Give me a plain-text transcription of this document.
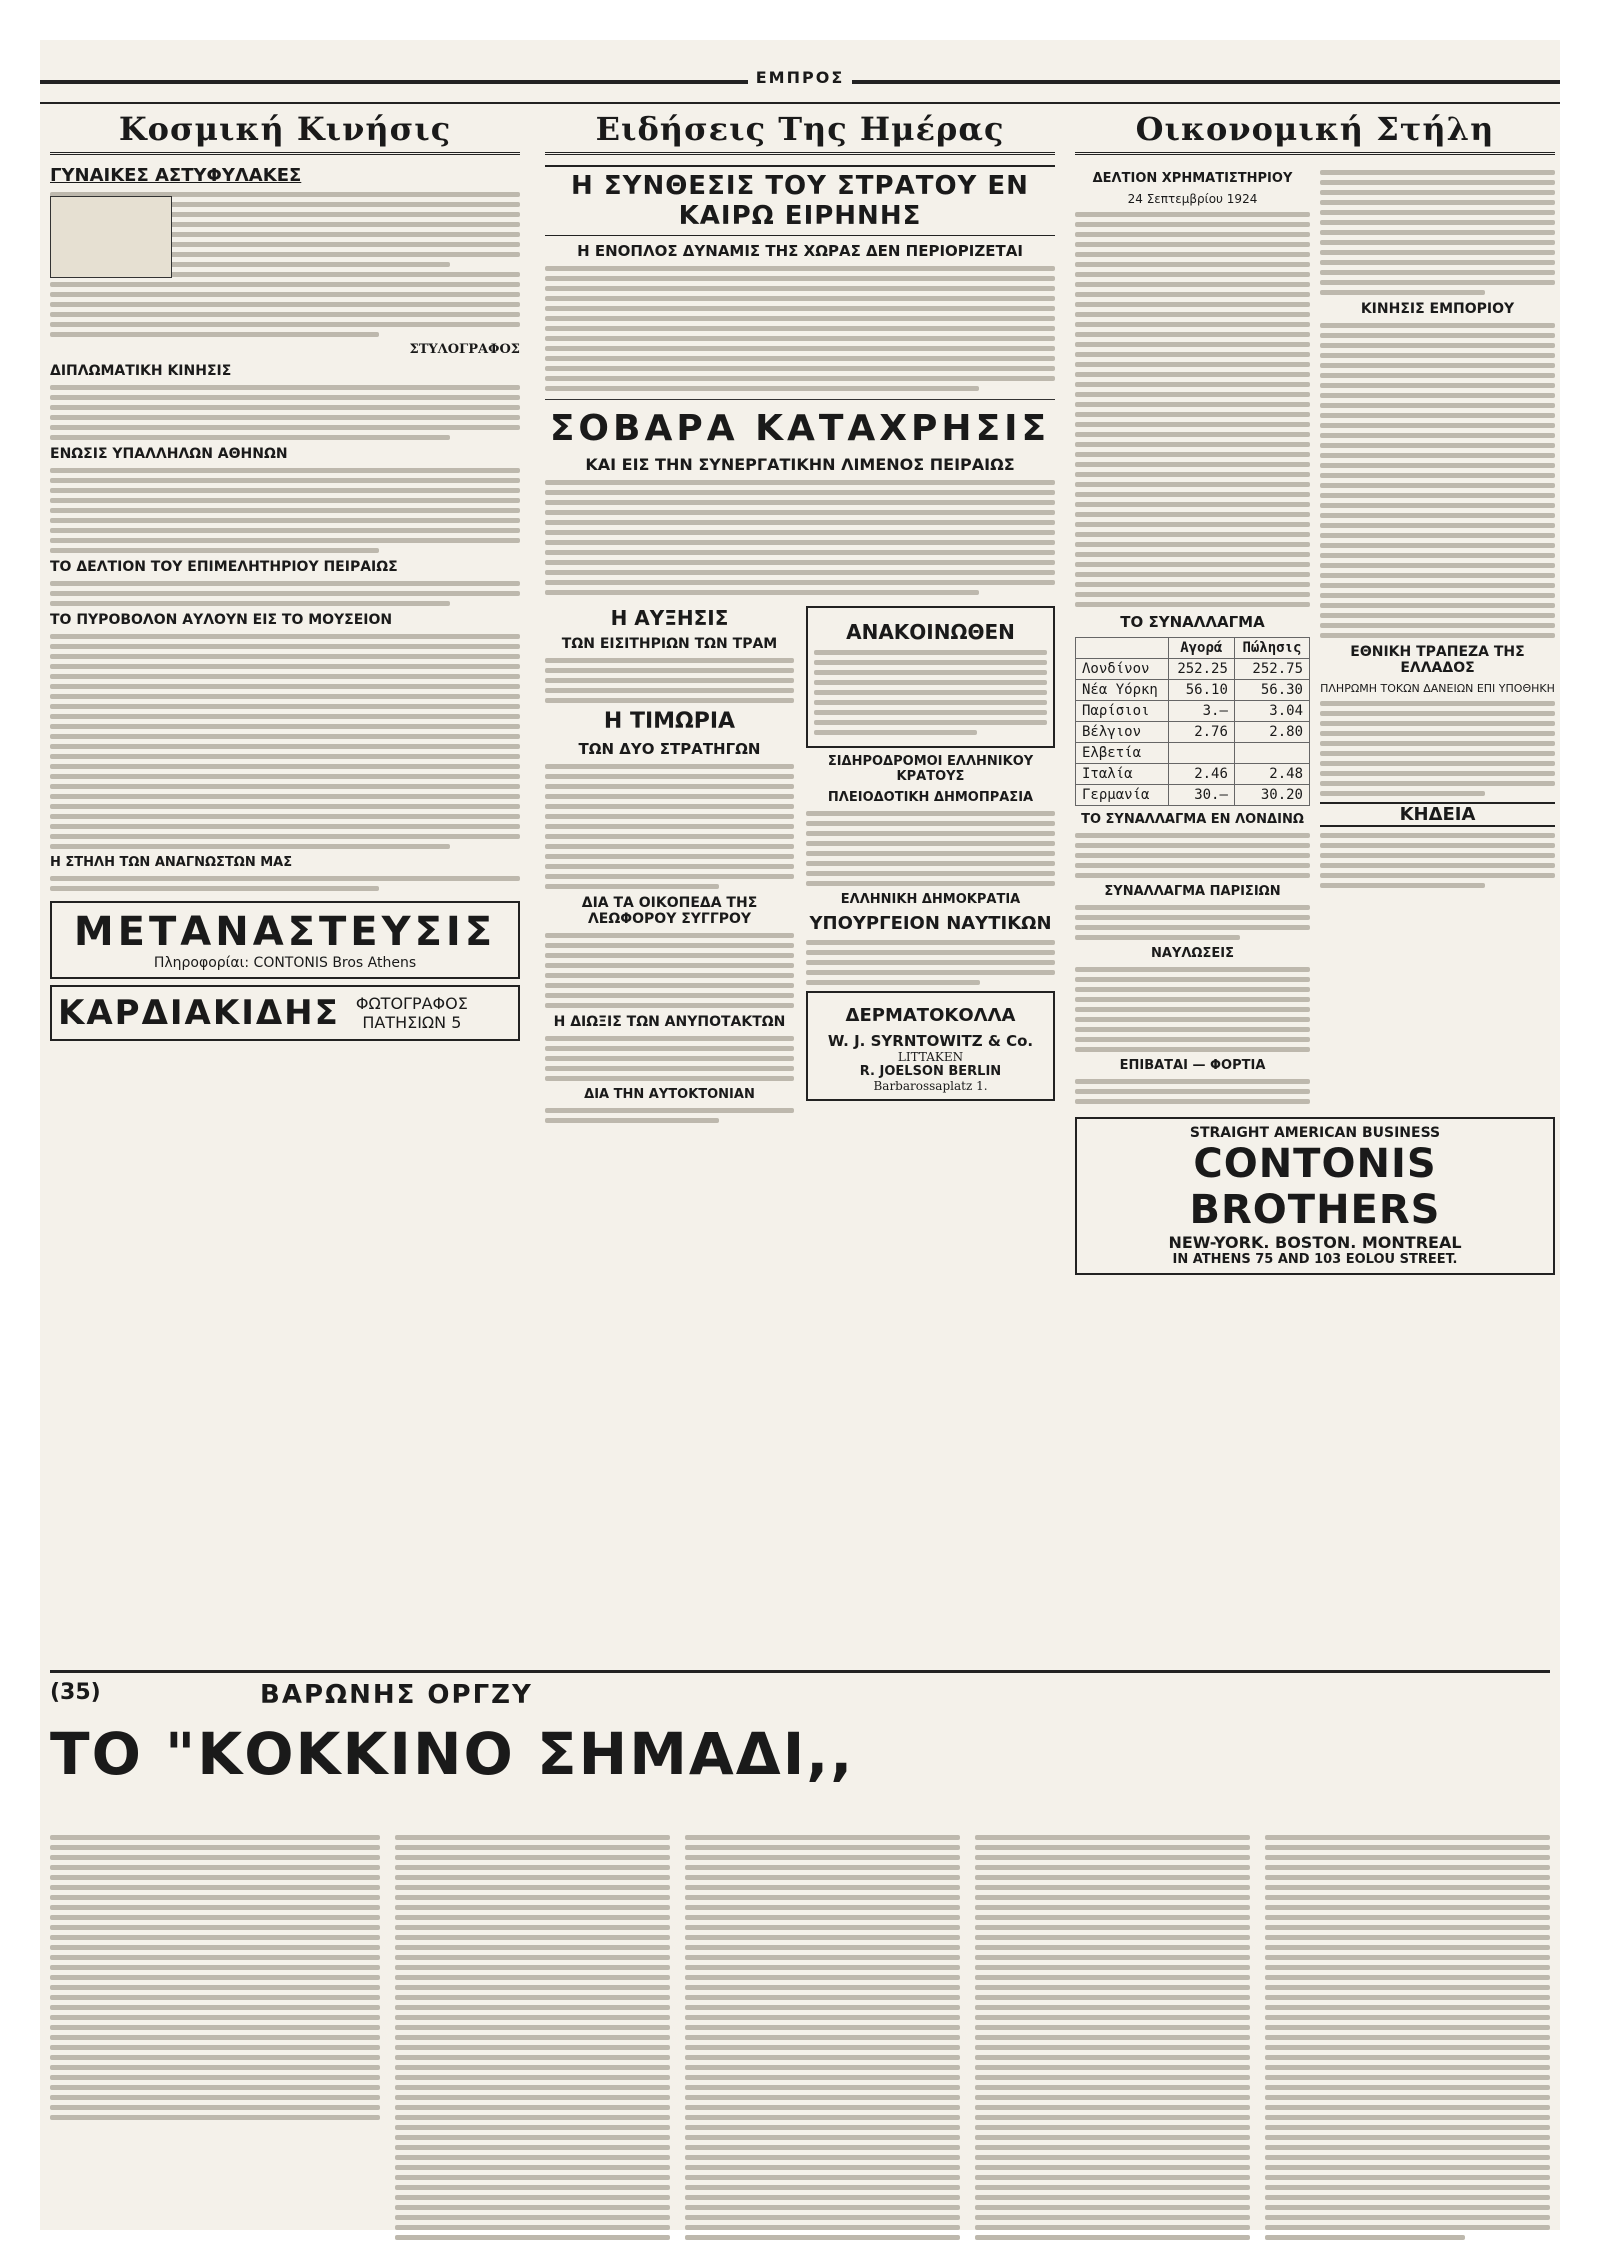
ΕΜΠΡΟΣ
Κοσμική Κινήσις
ΓΥΝΑΙΚΕΣ ΑΣΤΥΦΥΛΑΚΕΣ
ΣΤΥΛΟΓΡΑΦΟΣ
ΔΙΠΛΩΜΑΤΙΚΗ ΚΙΝΗΣΙΣ
ΕΝΩΣΙΣ ΥΠΑΛΛΗΛΩΝ ΑΘΗΝΩΝ
ΤΟ ΔΕΛΤΙΟΝ ΤΟΥ ΕΠΙΜΕΛΗΤΗΡΙΟΥ ΠΕΙΡΑΙΩΣ
ΤΟ ΠΥΡΟΒΟΛΟΝ ΑΥΛΟΥΝ ΕΙΣ ΤΟ ΜΟΥΣΕΙΟΝ
Η ΣΤΗΛΗ ΤΩΝ ΑΝΑΓΝΩΣΤΩΝ ΜΑΣ
ΜΕΤΑΝΑΣΤΕΥΣΙΣ
Πληροφορίαι: CONTONIS Bros Athens
ΚΑΡΔΙΑΚΙΔΗΣ ΦΩΤΟΓΡΑΦΟΣ
ΠΑΤΗΣΙΩΝ 5
Ειδήσεις Της Ημέρας
Η ΣΥΝΘΕΣΙΣ ΤΟΥ ΣΤΡΑΤΟΥ ΕΝ ΚΑΙΡΩ ΕΙΡΗΝΗΣ
Η ΕΝΟΠΛΟΣ ΔΥΝΑΜΙΣ ΤΗΣ ΧΩΡΑΣ ΔΕΝ ΠΕΡΙΟΡΙΖΕΤΑΙ
ΣΟΒΑΡΑ ΚΑΤΑΧΡΗΣΙΣ
ΚΑΙ ΕΙΣ ΤΗΝ ΣΥΝΕΡΓΑΤΙΚΗΝ ΛΙΜΕΝΟΣ ΠΕΙΡΑΙΩΣ
Η ΑΥΞΗΣΙΣ
ΤΩΝ ΕΙΣΙΤΗΡΙΩΝ ΤΩΝ ΤΡΑΜ
Η ΤΙΜΩΡΙΑ
ΤΩΝ ΔΥΟ ΣΤΡΑΤΗΓΩΝ
ΔΙΑ ΤΑ ΟΙΚΟΠΕΔΑ ΤΗΣ ΛΕΩΦΟΡΟΥ ΣΥΓΓΡΟΥ
Η ΔΙΩΞΙΣ ΤΩΝ ΑΝΥΠΟΤΑΚΤΩΝ
ΔΙΑ ΤΗΝ ΑΥΤΟΚΤΟΝΙΑΝ
ΑΝΑΚΟΙΝΩΘΕΝ
ΣΙΔΗΡΟΔΡΟΜΟΙ ΕΛΛΗΝΙΚΟΥ ΚΡΑΤΟΥΣ
ΠΛΕΙΟΔΟΤΙΚΗ ΔΗΜΟΠΡΑΣΙΑ
ΕΛΛΗΝΙΚΗ ΔΗΜΟΚΡΑΤΙΑ
ΥΠΟΥΡΓΕΙΟΝ ΝΑΥΤΙΚΩΝ
ΔΕΡΜΑΤΟΚΟΛΛΑ
W. J. SYRNTOWITZ & Co.
LITTAKEN
R. JOELSON BERLIN
Barbarossaplatz 1.
Οικονομική Στήλη
ΔΕΛΤΙΟΝ ΧΡΗΜΑΤΙΣΤΗΡΙΟΥ
24 Σεπτεμβρίου 1924
ΤΟ ΣΥΝΑΛΛΑΓΜΑ
	Αγορά	Πώλησις
Λονδίνον	252.25	252.75
Νέα Υόρκη	56.10	56.30
Παρίσιοι	3.—	3.04
Βέλγιον	2.76	2.80
Ελβετία		
Ιταλία	2.46	2.48
Γερμανία	30.—	30.20
ΤΟ ΣΥΝΑΛΛΑΓΜΑ ΕΝ ΛΟΝΔΙΝΩ
ΣΥΝΑΛΛΑΓΜΑ ΠΑΡΙΣΙΩΝ
ΝΑΥΛΩΣΕΙΣ
ΕΠΙΒΑΤΑΙ — ΦΟΡΤΙΑ
ΚΙΝΗΣΙΣ ΕΜΠΟΡΙΟΥ
ΕΘΝΙΚΗ ΤΡΑΠΕΖΑ ΤΗΣ ΕΛΛΑΔΟΣ
ΠΛΗΡΩΜΗ ΤΟΚΩΝ ΔΑΝΕΙΩΝ ΕΠΙ ΥΠΟΘΗΚΗ
ΚΗΔΕΙΑ
STRAIGHT AMERICAN BUSINESS
CONTONIS BROTHERS
NEW-YORK. BOSTON. MONTREAL
IN ATHENS 75 AND 103 EOLOU STREET.
(35)	ΒΑΡΩΝΗΣ ΟΡΓΖΥ
ΤΟ "ΚΟΚΚΙΝΟ ΣΗΜΑΔΙ,,
